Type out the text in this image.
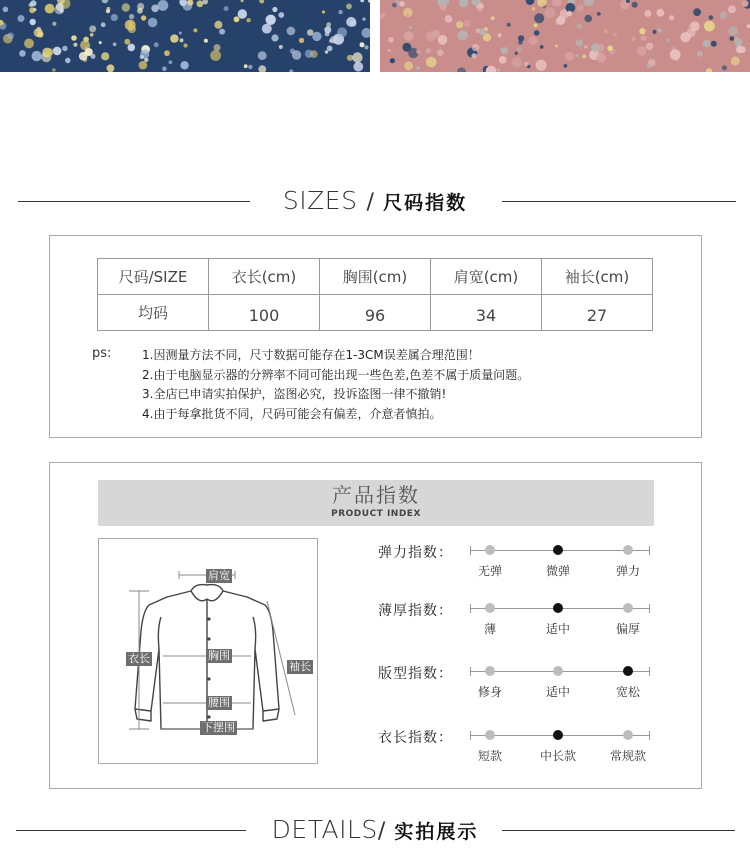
SIZES / 尺码指数
尺码/SIZE	衣长(cm)	胸围(cm)	肩宽(cm)	袖长(cm)
均码	100	96	34	27
ps:	1.因测量方法不同，尺寸数据可能存在1-3CM误差属合理范围！
2.由于电脑显示器的分辨率不同可能出现一些色差,色差不属于质量问题。
3.全店已申请实拍保护，盗图必究，投诉盗图一律不撤销!
4.由于每拿批货不同，尺码可能会有偏差，介意者慎拍。
产品指数
PRODUCT INDEX
肩宽
衣长	胸围
袖长
腰围
下摆围
弹力指数：
无弹	微弹	弹力
薄厚指数：
薄	适中	偏厚
版型指数：
修身	适中	宽松
衣长指数：
短款	中长款	常规款
DETAILS/ 实拍展示
